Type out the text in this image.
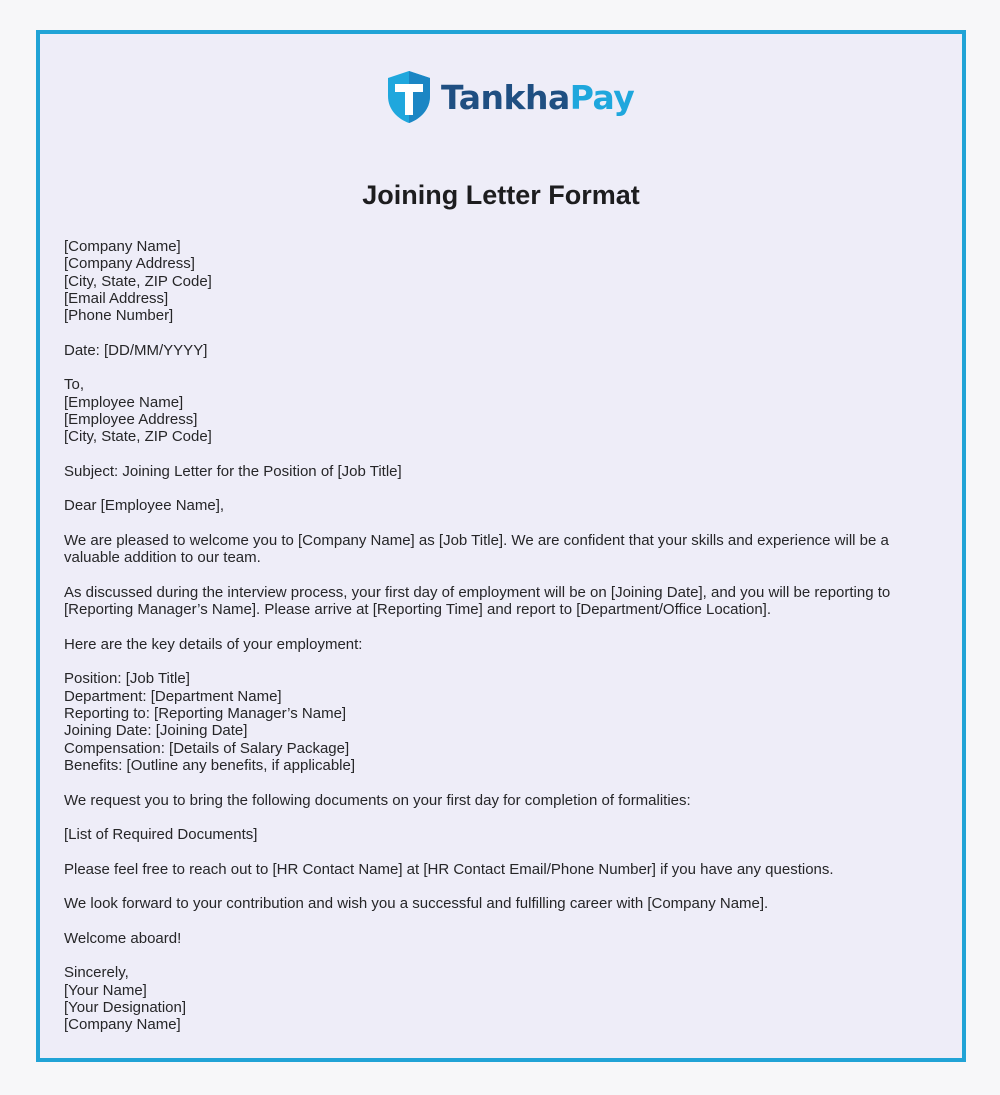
TankhaPay
Joining Letter Format
[Company Name]
[Company Address]
[City, State, ZIP Code]
[Email Address]
[Phone Number]
Date: [DD/MM/YYYY]
To,
[Employee Name]
[Employee Address]
[City, State, ZIP Code]
Subject: Joining Letter for the Position of [Job Title]
Dear [Employee Name],
We are pleased to welcome you to [Company Name] as [Job Title]. We are confident that your skills and experience will be a
valuable addition to our team.
As discussed during the interview process, your first day of employment will be on [Joining Date], and you will be reporting to
[Reporting Manager’s Name]. Please arrive at [Reporting Time] and report to [Department/Office Location].
Here are the key details of your employment:
Position: [Job Title]
Department: [Department Name]
Reporting to: [Reporting Manager’s Name]
Joining Date: [Joining Date]
Compensation: [Details of Salary Package]
Benefits: [Outline any benefits, if applicable]
We request you to bring the following documents on your first day for completion of formalities:
[List of Required Documents]
Please feel free to reach out to [HR Contact Name] at [HR Contact Email/Phone Number] if you have any questions.
We look forward to your contribution and wish you a successful and fulfilling career with [Company Name].
Welcome aboard!
Sincerely,
[Your Name]
[Your Designation]
[Company Name]
